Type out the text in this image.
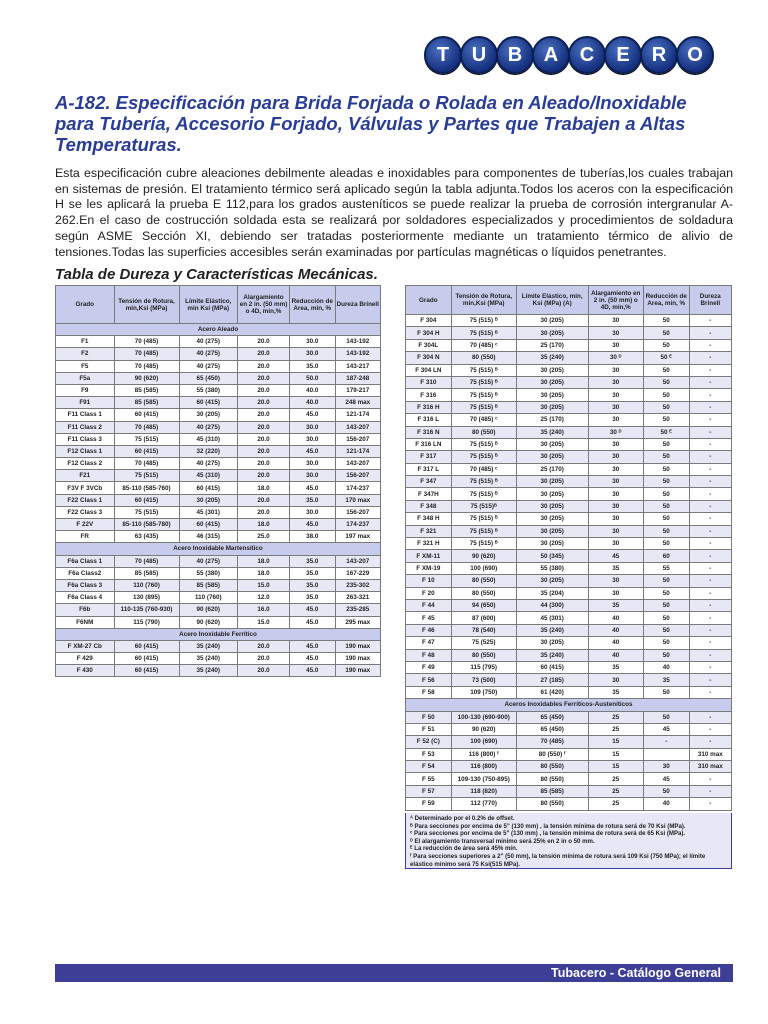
T	U	B	A	C	E	R	O
A-182. Especificación para Brida Forjada o Rolada en Aleado/Inoxidable para Tubería, Accesorio Forjado, Válvulas y Partes que Trabajen a Altas Temperaturas.

Esta especificación cubre aleaciones debilmente aleadas e inoxidables para componentes de tuberías,los cuales trabajan en sistemas de presión. El tratamiento térmico será aplicado según la tabla adjunta.Todos los aceros con la especificación H se les aplicará la prueba E 112,para los grados austeníticos se puede realizar la prueba de corrosión intergranular A-262.En el caso de costrucción soldada esta se realizará por soldadores especializados y procedimientos de soldadura según ASME Sección XI, debiendo ser tratadas posteriormente mediante un tratamiento térmico de alivio de tensiones.Todas las superficies accesibles serán examinadas por partículas magnéticas o líquidos penetrantes.

Tabla de Dureza y Características Mecánicas.
Grado	Tensión de Rotura, min,Ksi (MPa)	Límite Elástico, min Ksi (MPa)	Alargamiento en 2 in. (50 mm) o 4D, min,%	Reducción de Area, min, %	Dureza Brinell
Acero Aleado					
F1	70 (485)	40 (275)	20.0	30.0	143-192
F2	70 (485)	40 (275)	20.0	30.0	143-192
F5	70 (485)	40 (275)	20.0	35.0	143-217
F5a	90 (620)	65 (450)	20.0	50.0	187-248
F9	85 (585)	55 (380)	20.0	40.0	179-217
F91	85 (585)	60 (415)	20.0	40.0	248 max
F11 Class 1	60 (415)	30 (205)	20.0	45.0	121-174
F11 Class 2	70 (485)	40 (275)	20.0	30.0	143-207
F11 Class 3	75 (515)	45 (310)	20.0	30.0	156-207
F12 Class 1	60 (415)	32 (220)	20.0	45.0	121-174
F12 Class 2	70 (485)	40 (275)	20.0	30.0	143-207
F21	75 (515)	45 (310)	20.0	30.0	156-207
F3V F 3VCb	85-110 (585-760)	60 (415)	18.0	45.0	174-237
F22 Class 1	60 (415)	30 (205)	20.0	35.0	170 max
F22 Class 3	75 (515)	45 (301)	20.0	30.0	156-207
F 22V	85-110 (585-780)	60 (415)	18.0	45.0	174-237
FR	63 (435)	46 (315)	25.0	38.0	197 max
Acero Inoxidable Martensítico					
F6a Class 1	70 (485)	40 (275)	18.0	35.0	143-207
F6a Class2	85 (585)	55 (380)	18.0	35.0	167-229
F6a Class 3	110 (760)	85 (585)	15.0	35.0	235-302
F6a Class 4	130 (895)	110 (760)	12.0	35.0	263-321
F6b	110-135 (760-930)	90 (620)	16.0	45.0	235-285
F6NM	115 (790)	90 (620)	15.0	45.0	295 max
Acero Inoxidable Ferrítico					
F XM-27 Cb	60 (415)	35 (240)	20.0	45.0	190 max
F 429	60 (415)	35 (240)	20.0	45.0	190 max
F 430	60 (415)	35 (240)	20.0	45.0	190 max
Grado	Tensión de Rotura, min,Ksi (MPa)	Límite Elástico, min, Ksi (MPa) (A)	Alargamiento en 2 in. (50 mm) o 4D, min,%	Reducción de Area, min, %	Dureza Brinell
F 304	75 (515) ᴮ	30 (205)	30	50	-
F 304 H	75 (515) ᴮ	30 (205)	30	50	-
F 304L	70 (485) ᶜ	25 (170)	30	50	-
F 304 N	80 (550)	35 (240)	30 ᴰ	50 ᴱ	-
F 304 LN	75 (515) ᴮ	30 (205)	30	50	-
F 310	75 (515) ᴮ	30 (205)	30	50	-
F 316	75 (515) ᴮ	30 (205)	30	50	-
F 316 H	75 (515) ᴮ	30 (205)	30	50	-
F 316 L	70 (485) ᶜ	25 (170)	30	50	-
F 316 N	80 (550)	35 (240)	30 ᴰ	50 ᴱ	-
F 316 LN	75 (515) ᴮ	30 (205)	30	50	-
F 317	75 (515) ᴮ	30 (205)	30	50	-
F 317 L	70 (485) ᶜ	25 (170)	30	50	-
F 347	75 (515) ᴮ	30 (205)	30	50	-
F 347H	75 (515) ᴮ	30 (205)	30	50	-
F 348	75 (515)ᴮ	30 (205)	30	50	-
F 348 H	75 (515) ᴮ	30 (205)	30	50	-
F 321	75 (515) ᴮ	30 (205)	30	50	-
F 321 H	75 (515) ᴮ	30 (205)	30	50	-
F XM-11	90 (620)	50 (345)	45	60	-
F XM-19	100 (690)	55 (380)	35	55	-
F 10	80 (550)	30 (205)	30	50	-
F 20	80 (550)	35 (204)	30	50	-
F 44	94 (650)	44 (300)	35	50	-
F 45	87 (600)	45 (301)	40	50	-
F 46	78 (540)	35 (240)	40	50	-
F 47	75 (525)	30 (205)	40	50	-
F 48	80 (550)	35 (240)	40	50	-
F 49	115 (795)	60 (415)	35	40	-
F 56	73 (500)	27 (185)	30	35	-
F 58	109 (750)	61 (420)	35	50	-
Aceros Inoxidables Ferríticos-Austeníticos					
F 50	100-130 (690-900)	65 (450)	25	50	-
F 51	90 (620)	65 (450)	25	45	-
F 52 (C)	100 (690)	70 (485)	15	-	-
F 53	116 (800) ᶠ	80 (550) ᶠ	15		310 max
F 54	116 (800)	80 (550)	15	30	310 max
F 55	109-130 (750-895)	80 (550)	25	45	-
F 57	118 (820)	85 (585)	25	50	-
F 59	112 (770)	80 (550)	25	40	-

ᴬ Determinado por el 0.2% de offset.

ᴮ Para secciones por encima de 5" (130 mm) , la tensión mínima de rotura será de 70 Ksi (MPa).

ᶜ Para secciones por encima de 5" (130 mm) , la tensión mínima de rotura será de 65 Ksi (MPa).

ᴰ El alargamiento transversal mínimo será 25% en 2 in o 50 mm.

ᴱ La reducción de área será 45% mín.

ᶠ Para secciones superiores a 2" (50 mm), la tensión mínima de rotura será 109 Ksi (750 MPa); el límite elástico mínimo será 75 Ksi(515 MPa).

Tubacero - Catálogo General
